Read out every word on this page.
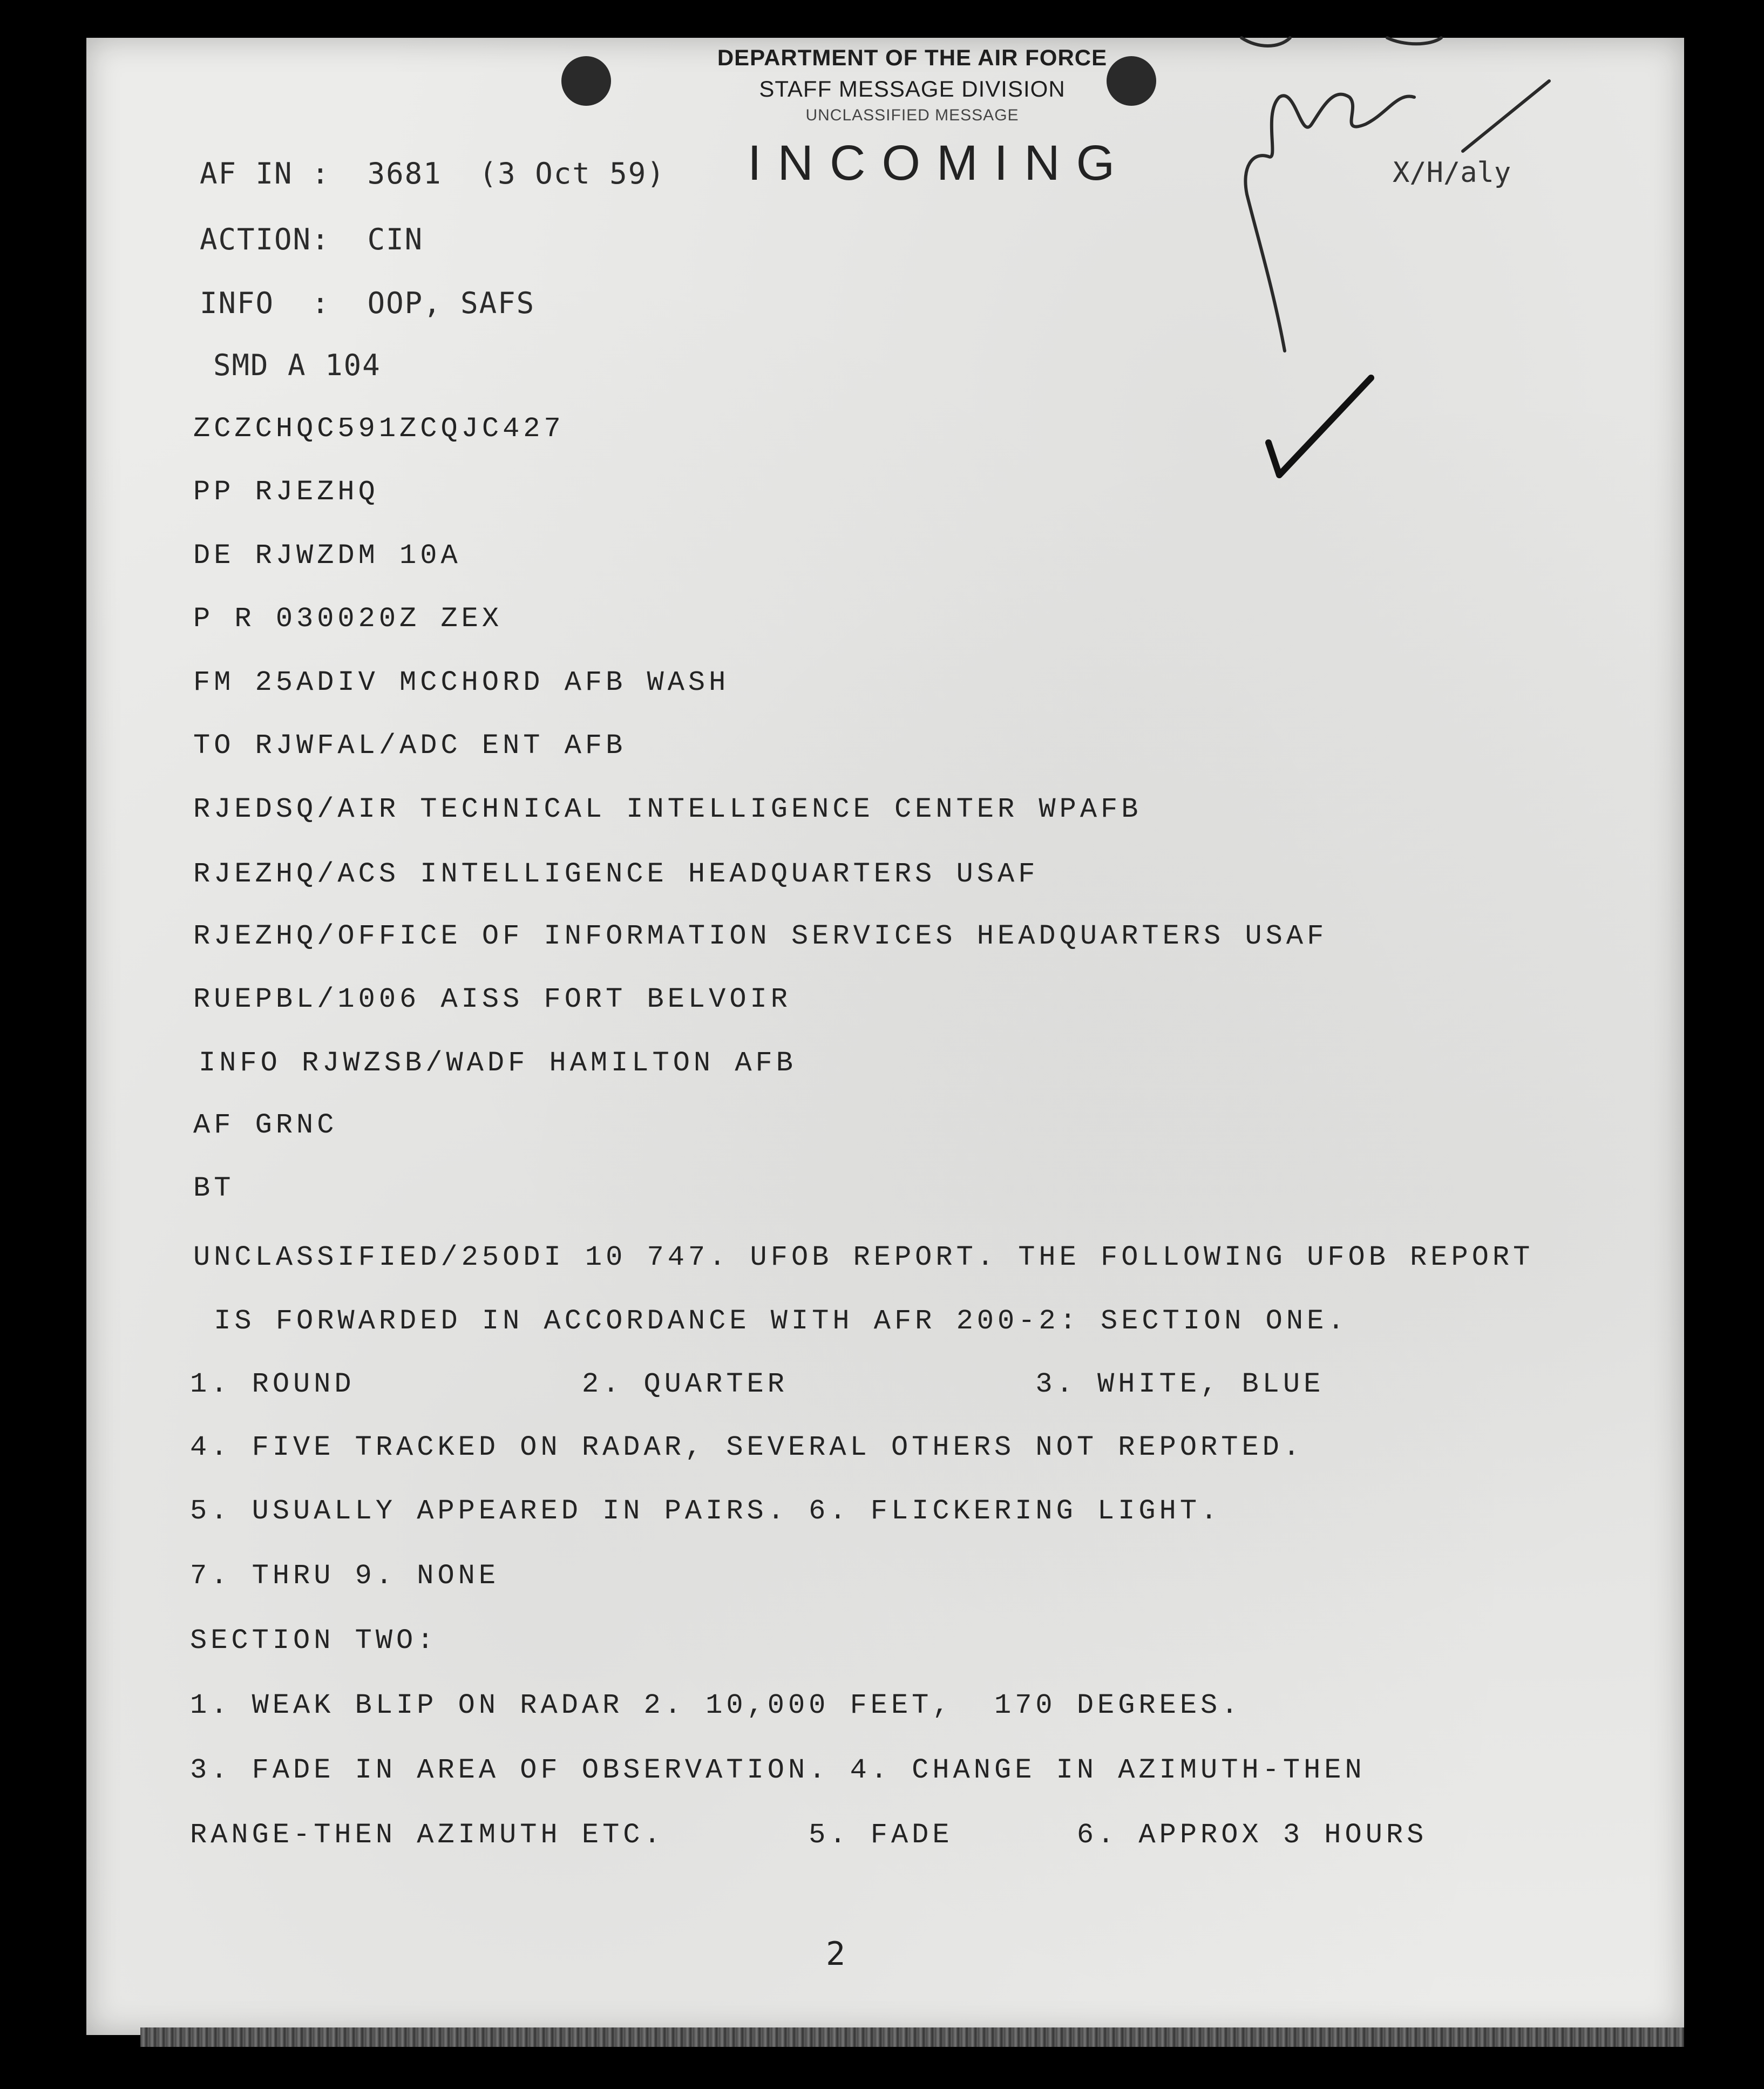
DEPARTMENT OF THE AIR FORCE
STAFF MESSAGE DIVISION
UNCLASSIFIED MESSAGE
INCOMING	X/H/aly
AF IN :  3681  (3 Oct 59)
ACTION:  CIN
INFO  :  OOP, SAFS
SMD A 104
ZCZCHQC591ZCQJC427
PP RJEZHQ
DE RJWZDM 10A
P R 030020Z ZEX
FM 25ADIV MCCHORD AFB WASH
TO RJWFAL/ADC ENT AFB
RJEDSQ/AIR TECHNICAL INTELLIGENCE CENTER WPAFB
RJEZHQ/ACS INTELLIGENCE HEADQUARTERS USAF
RJEZHQ/OFFICE OF INFORMATION SERVICES HEADQUARTERS USAF
RUEPBL/1006 AISS FORT BELVOIR
INFO RJWZSB/WADF HAMILTON AFB
AF GRNC
BT
UNCLASSIFIED/25ODI 10 747. UFOB REPORT. THE FOLLOWING UFOB REPORT
IS FORWARDED IN ACCORDANCE WITH AFR 200-2: SECTION ONE.
1. ROUND           2. QUARTER            3. WHITE, BLUE
4. FIVE TRACKED ON RADAR, SEVERAL OTHERS NOT REPORTED.
5. USUALLY APPEARED IN PAIRS. 6. FLICKERING LIGHT.
7. THRU 9. NONE
SECTION TWO:
1. WEAK BLIP ON RADAR 2. 10,000 FEET,  170 DEGREES.
3. FADE IN AREA OF OBSERVATION. 4. CHANGE IN AZIMUTH-THEN
RANGE-THEN AZIMUTH ETC.       5. FADE      6. APPROX 3 HOURS
2
